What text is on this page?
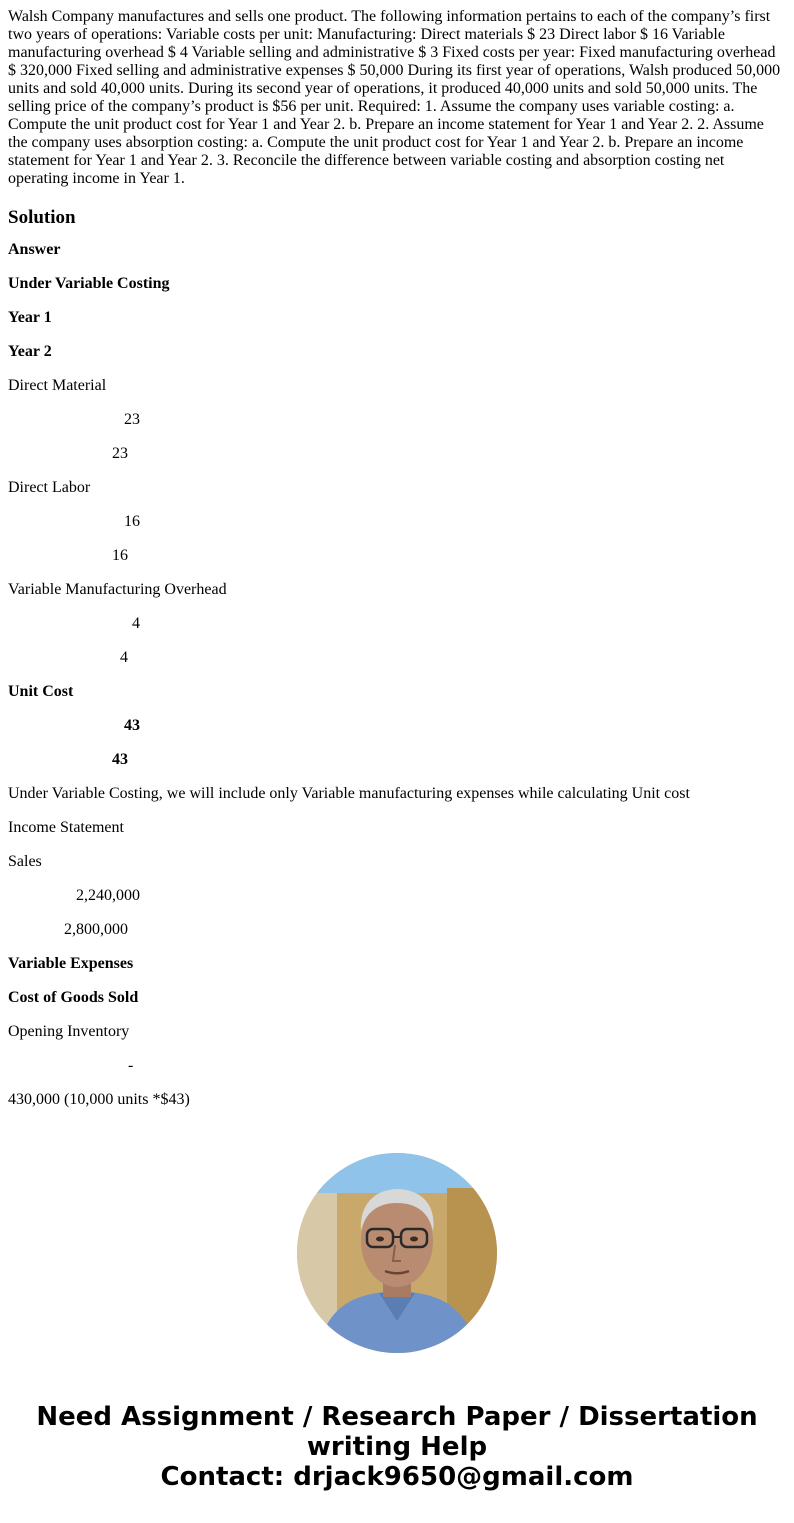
Walsh Company manufactures and sells one product. The following information pertains to each of the company’s first two years of operations: Variable costs per unit: Manufacturing: Direct materials $ 23 Direct labor $ 16 Variable manufacturing overhead $ 4 Variable selling and administrative $ 3 Fixed costs per year: Fixed manufacturing overhead $ 320,000 Fixed selling and administrative expenses $ 50,000 During its first year of operations, Walsh produced 50,000 units and sold 40,000 units. During its second year of operations, it produced 40,000 units and sold 50,000 units. The selling price of the company’s product is $56 per unit. Required: 1. Assume the company uses variable costing: a. Compute the unit product cost for Year 1 and Year 2. b. Prepare an income statement for Year 1 and Year 2. 2. Assume the company uses absorption costing: a. Compute the unit product cost for Year 1 and Year 2. b. Prepare an income statement for Year 1 and Year 2. 3. Reconcile the difference between variable costing and absorption costing net operating income in Year 1.
Solution
Answer
Under Variable Costing
Year 1
Year 2
Direct Material
23
23
Direct Labor
16
16
Variable Manufacturing Overhead
4
4
Unit Cost
43
43
Under Variable Costing, we will include only Variable manufacturing expenses while calculating Unit cost
Income Statement
Sales
2,240,000
2,800,000
Variable Expenses
Cost of Goods Sold
Opening Inventory
-
430,000 (10,000 units *$43)
Need Assignment / Research Paper / Dissertation
writing Help
Contact: drjack9650@gmail.com
